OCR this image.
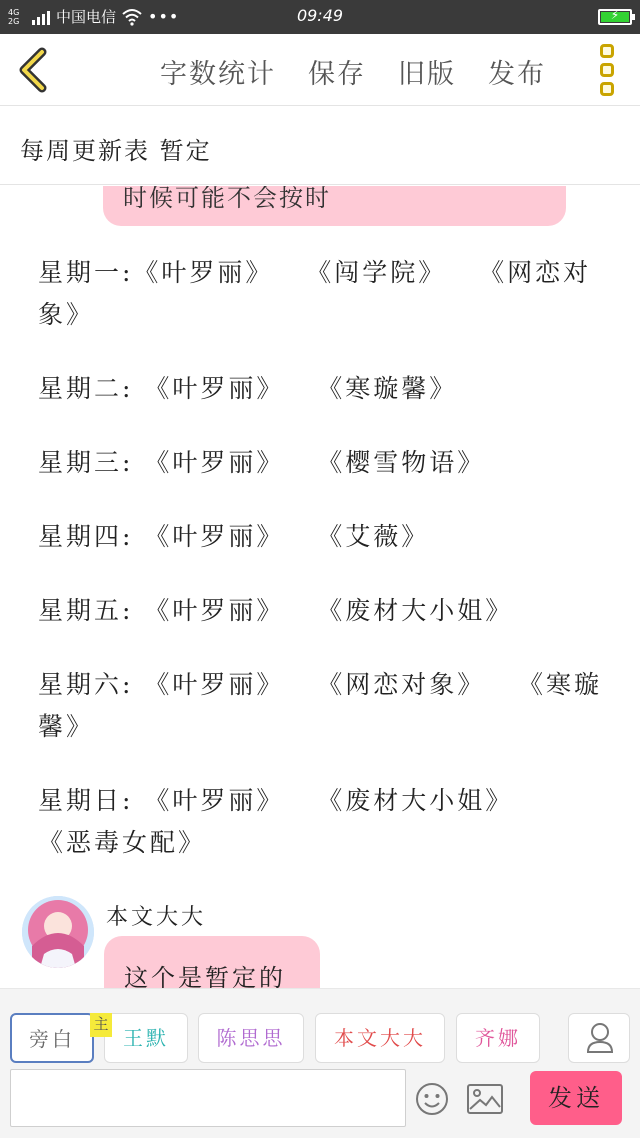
4G
2G	中国电信 •••	09:49	⚡
字数统计 保存 旧版 发布
每周更新表 暂定
时候可能不会按时
星期一:《叶罗丽》   《闯学院》   《网恋对象》
星期二: 《叶罗丽》   《寒璇馨》
星期三: 《叶罗丽》   《樱雪物语》
星期四: 《叶罗丽》   《艾薇》
星期五: 《叶罗丽》   《废材大小姐》
星期六: 《叶罗丽》   《网恋对象》   《寒璇馨》
星期日: 《叶罗丽》   《废材大小姐》
《恶毒女配》
本文大大
这个是暂定的
旁白	王默	陈思思	本文大大	齐娜
主
发送
